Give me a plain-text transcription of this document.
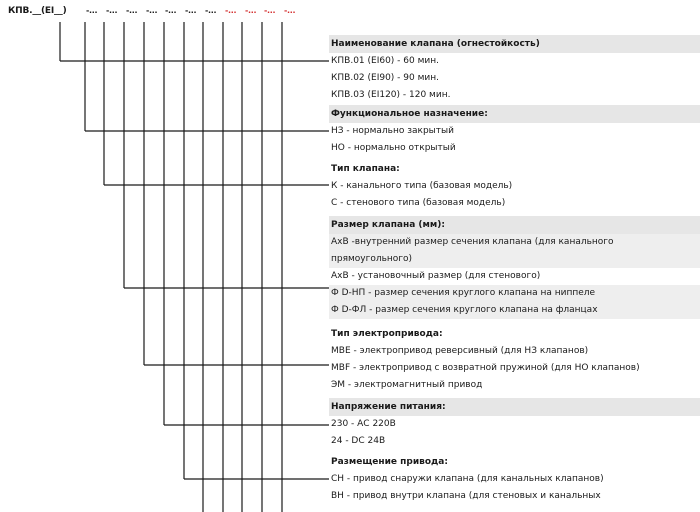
КПВ.__(EI__) -... -... -... -... -... -... -... -... -... -... -...
Наименование клапана (огнестойкость)
КПВ.01 (EI60) - 60 мин.
КПВ.02 (EI90) - 90 мин.
КПВ.03 (EI120) - 120 мин.
Функциональное назначение:
НЗ - нормально закрытый
НО - нормально открытый
Тип клапана:
К - канального типа (базовая модель)
С - стенового типа (базовая модель)
Размер клапана (мм):
АхВ -внутренний размер сечения клапана (для канального
прямоугольного)
АхВ - установочный размер (для стенового)
Ф D-НП - размер сечения круглого клапана на ниппеле
Ф D-ФЛ - размер сечения круглого клапана на фланцах
Тип электропривода:
MBE - электропривод реверсивный (для НЗ клапанов)
MBF - электропривод с возвратной пружиной (для НО клапанов)
ЭМ - электромагнитный привод
Напряжение питания:
230 - АС 220В
24 - DC 24В
Размещение привода:
СН - привод снаружи клапана (для канальных клапанов)
ВН - привод внутри клапана (для стеновых и канальных
